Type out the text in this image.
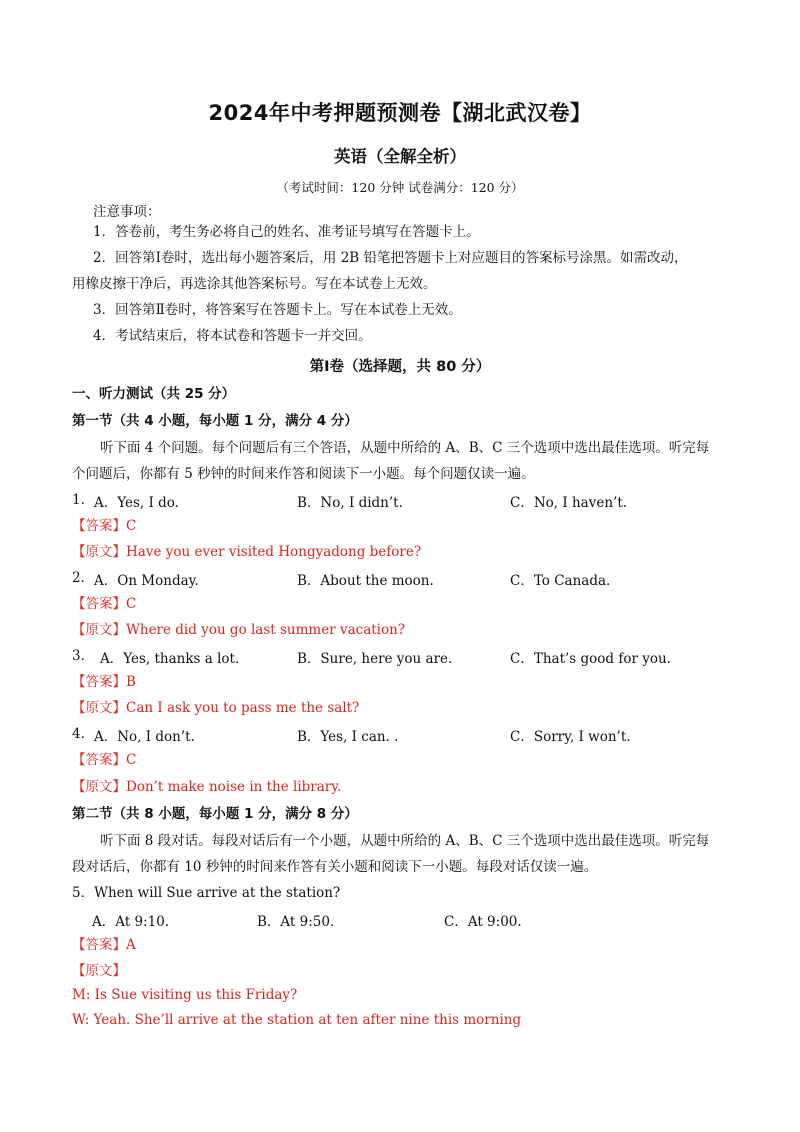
2024年中考押题预测卷【湖北武汉卷】
英语（全解全析）
（考试时间：120 分钟 试卷满分：120 分）
注意事项：
1．答卷前，考生务必将自己的姓名、准考证号填写在答题卡上。
2．回答第Ⅰ卷时，选出每小题答案后，用 2B 铅笔把答题卡上对应题目的答案标号涂黑。如需改动，
用橡皮擦干净后，再选涂其他答案标号。写在本试卷上无效。
3．回答第Ⅱ卷时，将答案写在答题卡上。写在本试卷上无效。
4．考试结束后，将本试卷和答题卡一并交回。
第Ⅰ卷（选择题，共 80 分）
一、听力测试（共 25 分）
第一节（共 4 小题，每小题 1 分，满分 4 分）
听下面 4 个问题。每个问题后有三个答语，从题中所给的 A、B、C 三个选项中选出最佳选项。听完每
个问题后，你都有 5 秒钟的时间来作答和阅读下一小题。每个问题仅读一遍。
1． A．Yes, I do.	B．No, I didn’t.	C．No, I haven’t.
【答案】C
【原文】Have you ever visited Hongyadong before?
2． A．On Monday.	B．About the moon.	C．To Canada.
【答案】C
【原文】Where did you go last summer vacation?
3． A．Yes, thanks a lot.	B．Sure, here you are.	C．That’s good for you.
【答案】B
【原文】Can I ask you to pass me the salt?
4． A．No, I don’t.	B．Yes, I can. .	C．Sorry, I won’t.
【答案】C
【原文】Don’t make noise in the library.
第二节（共 8 小题，每小题 1 分，满分 8 分）
听下面 8 段对话。每段对话后有一个小题，从题中所给的 A、B、C 三个选项中选出最佳选项。听完每
段对话后，你都有 10 秒钟的时间来作答有关小题和阅读下一小题。每段对话仅读一遍。
5．When will Sue arrive at the station?
A．At 9:10.	B．At 9:50.	C．At 9:00.
【答案】A
【原文】
M: Is Sue visiting us this Friday?
W: Yeah. She’ll arrive at the station at ten after nine this morning
